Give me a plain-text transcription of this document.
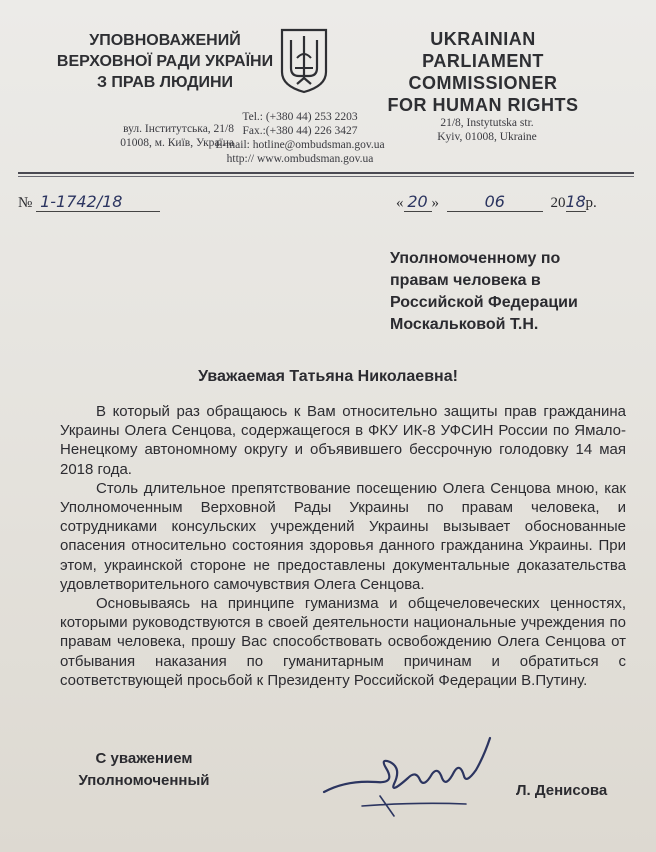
УПОВНОВАЖЕНИЙ
ВЕРХОВНОЇ РАДИ УКРАЇНИ
З ПРАВ ЛЮДИНИ
UKRAINIAN
PARLIAMENT COMMISSIONER
FOR HUMAN RIGHTS
вул. Інститутська, 21/8
01008, м. Київ, Україна
Tel.: (+380 44) 253 2203
Fax.:(+380 44) 226 3427
E-mail: hotline@ombudsman.gov.ua
http:// www.ombudsman.gov.ua
21/8, Instytutska str.
Kyiv, 01008, Ukraine
№ 1-1742/18	« 20 »	06	2018р.
Уполномоченному по
правам человека в
Российской Федерации
Москальковой Т.Н.
Уважаемая Татьяна Николаевна!

В который раз обращаюсь к Вам относительно защиты прав гражданина Украины Олега Сенцова, содержащегося в ФКУ ИК-8 УФСИН России по Ямало-Ненецкому автономному округу и объявившего бессрочную голодовку 14 мая 2018 года.

Столь длительное препятствование посещению Олега Сенцова мною, как Уполномоченным Верховной Рады Украины по правам человека, и сотрудниками консульских учреждений Украины вызывает обоснованные опасения относительно состояния здоровья данного гражданина Украины. При этом, украинской стороне не предоставлены документальные доказательства удовлетворительного самочувствия Олега Сенцова.

Основываясь на принципе гуманизма и общечеловеческих ценностях, которыми руководствуются в своей деятельности национальные учреждения по правам человека, прошу Вас способствовать освобождению Олега Сенцова от отбывания наказания по гуманитарным причинам и обратиться с соответствующей просьбой к Президенту Российской Федерации В.Путину.

С уважением
Уполномоченный
Л. Денисова
